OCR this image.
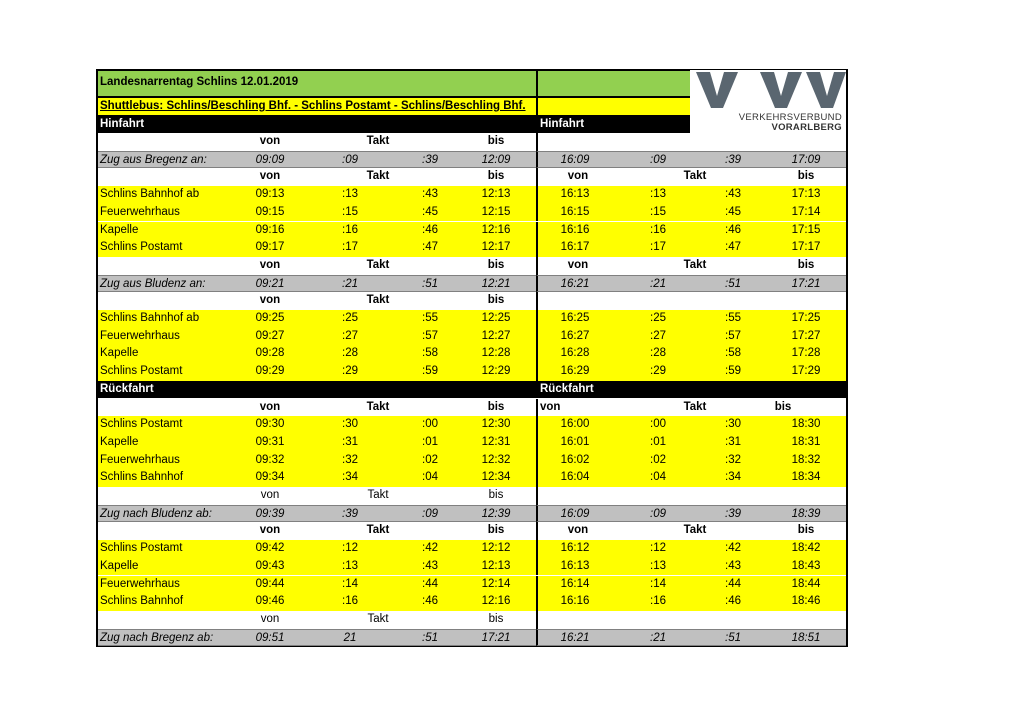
Landesnarrentag Schlins 12.01.2019
Shuttlebus: Schlins/Beschling Bhf. - Schlins Postamt - Schlins/Beschling Bhf.
Hinfahrt	Hinfahrt
von	Takt	bis
Zug aus Bregenz an:	09:09	:09	:39	12:09	16:09	:09	:39	17:09
von	Takt	bis	von	Takt	bis
Schlins Bahnhof ab	09:13	:13	:43	12:13	16:13	:13	:43	17:13
Feuerwehrhaus	09:15	:15	:45	12:15	16:15	:15	:45	17:14
Kapelle	09:16	:16	:46	12:16	16:16	:16	:46	17:15
Schlins Postamt	09:17	:17	:47	12:17	16:17	:17	:47	17:17
von	Takt	bis	von	Takt	bis
Zug aus Bludenz an:	09:21	:21	:51	12:21	16:21	:21	:51	17:21
von	Takt	bis
Schlins Bahnhof ab	09:25	:25	:55	12:25	16:25	:25	:55	17:25
Feuerwehrhaus	09:27	:27	:57	12:27	16:27	:27	:57	17:27
Kapelle	09:28	:28	:58	12:28	16:28	:28	:58	17:28
Schlins Postamt	09:29	:29	:59	12:29	16:29	:29	:59	17:29
Rückfahrt	Rückfahrt
von	Takt	bis	von	Takt	bis
Schlins Postamt	09:30	:30	:00	12:30	16:00	:00	:30	18:30
Kapelle	09:31	:31	:01	12:31	16:01	:01	:31	18:31
Feuerwehrhaus	09:32	:32	:02	12:32	16:02	:02	:32	18:32
Schlins Bahnhof	09:34	:34	:04	12:34	16:04	:04	:34	18:34
von	Takt	bis
Zug nach Bludenz ab:	09:39	:39	:09	12:39	16:09	:09	:39	18:39
von	Takt	bis	von	Takt	bis
Schlins Postamt	09:42	:12	:42	12:12	16:12	:12	:42	18:42
Kapelle	09:43	:13	:43	12:13	16:13	:13	:43	18:43
Feuerwehrhaus	09:44	:14	:44	12:14	16:14	:14	:44	18:44
Schlins Bahnhof	09:46	:16	:46	12:16	16:16	:16	:46	18:46
von	Takt	bis
Zug nach Bregenz ab:	09:51	21	:51	17:21	16:21	:21	:51	18:51
VERKEHRSVERBUND
VORARLBERG
